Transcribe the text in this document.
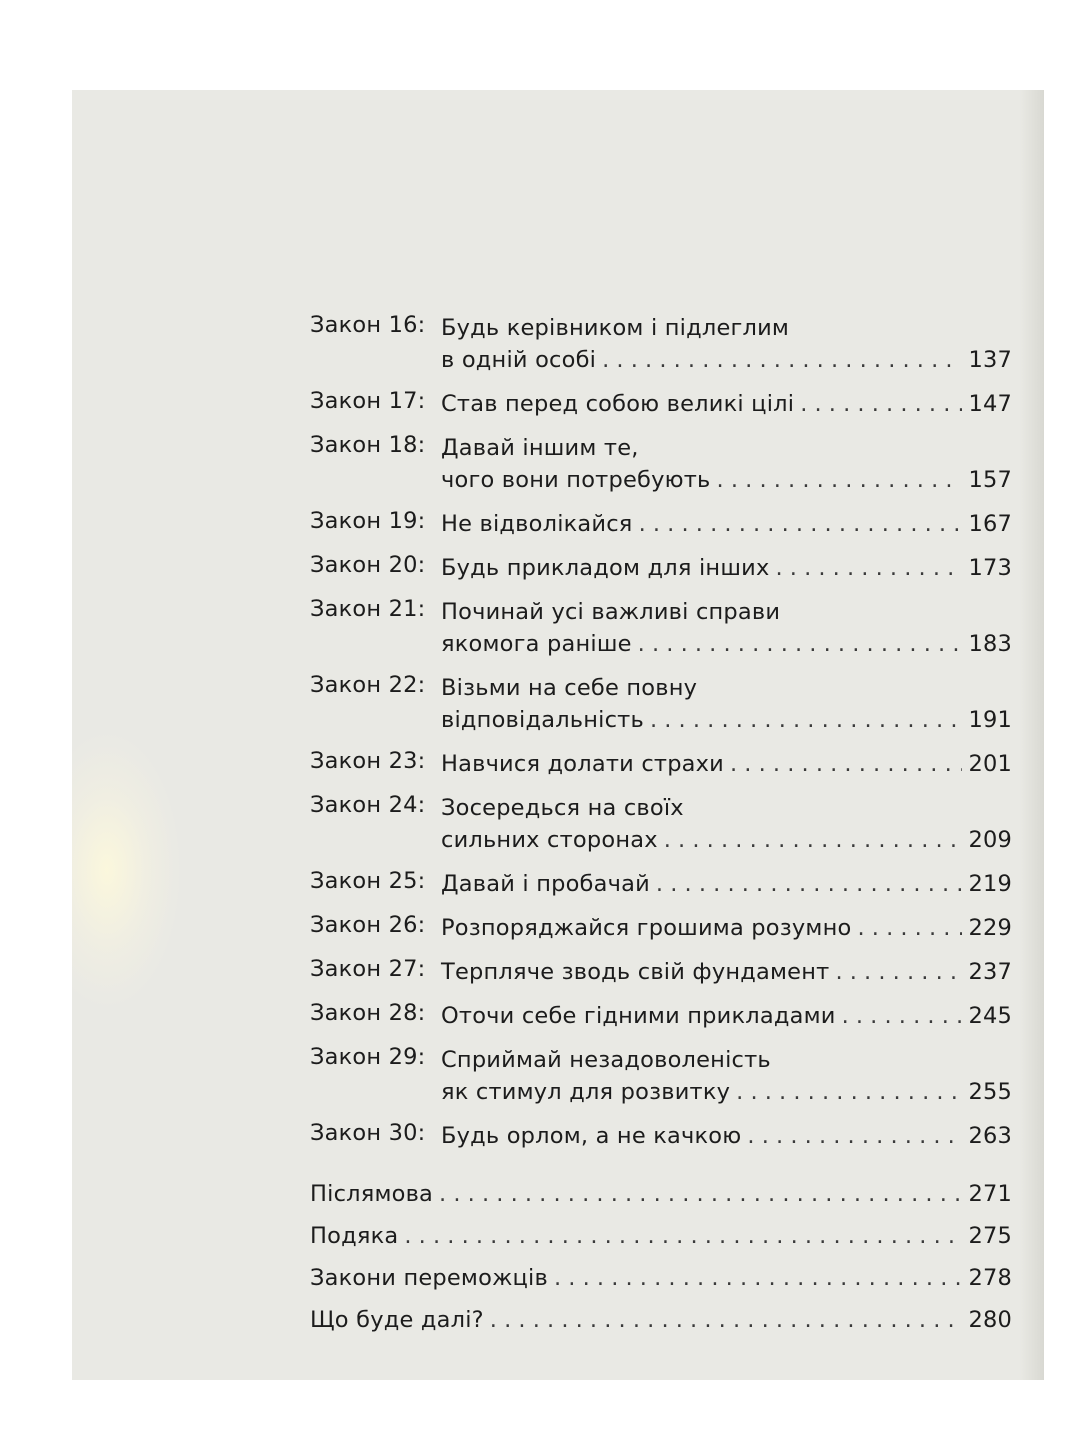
Закон 16: Будь керівником і підлеглим
в одній особі . . .	137
Закон 17: Став перед собою великі цілі . . .	147
Закон 18: Давай іншим те,
чого вони потребують . . .	157
Закон 19: Не відволікайся . . .	167
Закон 20: Будь прикладом для інших . . .	173
Закон 21: Починай усі важливі справи
якомога раніше . . .	183
Закон 22: Візьми на себе повну
відповідальність . . .	191
Закон 23: Навчися долати страхи . . .	201
Закон 24: Зосередься на своїх
сильних сторонах . . .	209
Закон 25: Давай і пробачай . . .	219
Закон 26: Розпоряджайся грошима розумно . . .	229
Закон 27: Терпляче зводь свій фундамент . . .	237
Закон 28: Оточи себе гідними прикладами . . .	245
Закон 29: Сприймай незадоволеність
як стимул для розвитку . . .	255
Закон 30: Будь орлом, а не качкою . . .	263
Післямова . . .	271
Подяка . . .	275
Закони переможців . . .	278
Що буде далі? . . .	280
